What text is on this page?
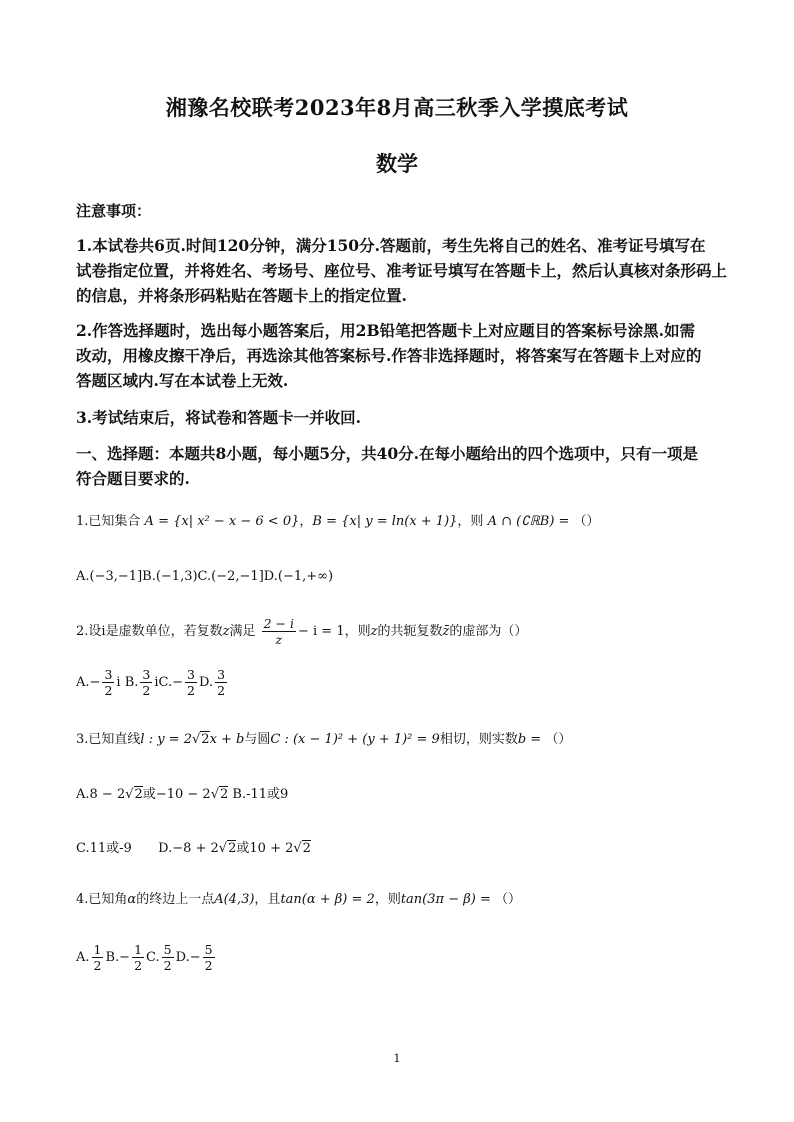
湘豫名校联考2023年8月高三秋季入学摸底考试
数学
注意事项：
1.本试卷共6页.时间120分钟，满分150分.答题前，考生先将自己的姓名、准考证号填写在
试卷指定位置，并将姓名、考场号、座位号、准考证号填写在答题卡上，然后认真核对条形码上
的信息，并将条形码粘贴在答题卡上的指定位置.
2.作答选择题时，选出每小题答案后，用2B铅笔把答题卡上对应题目的答案标号涂黑.如需
改动，用橡皮擦干净后，再选涂其他答案标号.作答非选择题时，将答案写在答题卡上对应的
答题区域内.写在本试卷上无效.
3.考试结束后，将试卷和答题卡一并收回.
一、选择题：本题共8小题，每小题5分，共40分.在每小题给出的四个选项中，只有一项是
符合题目要求的.
1.已知集合 A = {x| x² − x − 6 < 0}，B = {x| y = ln(x + 1)}，则 A ∩ (∁ℝB) = （）
A.(−3,−1]B.(−1,3)C.(−2,−1]D.(−1,+∞)
2.设i是虚数单位，若复数z满足 $\frac{2 - i}{z} - i = 1$，则z的共轭复数z̄的虚部为（）
$A.- \frac{3}{2}$ i B. $\frac{3}{2} iC.- \frac{3}{2} D$. $\frac{3}{2}$
3.已知直线l : y = 2√2x + b与圆C : (x − 1)² + (y + 1)² = 9相切，则实数b = （）
A.8 − 2√2或−10 − 2√2 B.-11或9
C.11或-9 D.−8 + 2√2或10 + 2√2
4.已知角α的终边上一点A(4,3)，且tan(α + β) = 2，则tan(3π − β) = （）
A. $\frac{1}{2} B.- \frac{1}{2} C$. $\frac{5}{2} D.- \frac{5}{2}$
1
